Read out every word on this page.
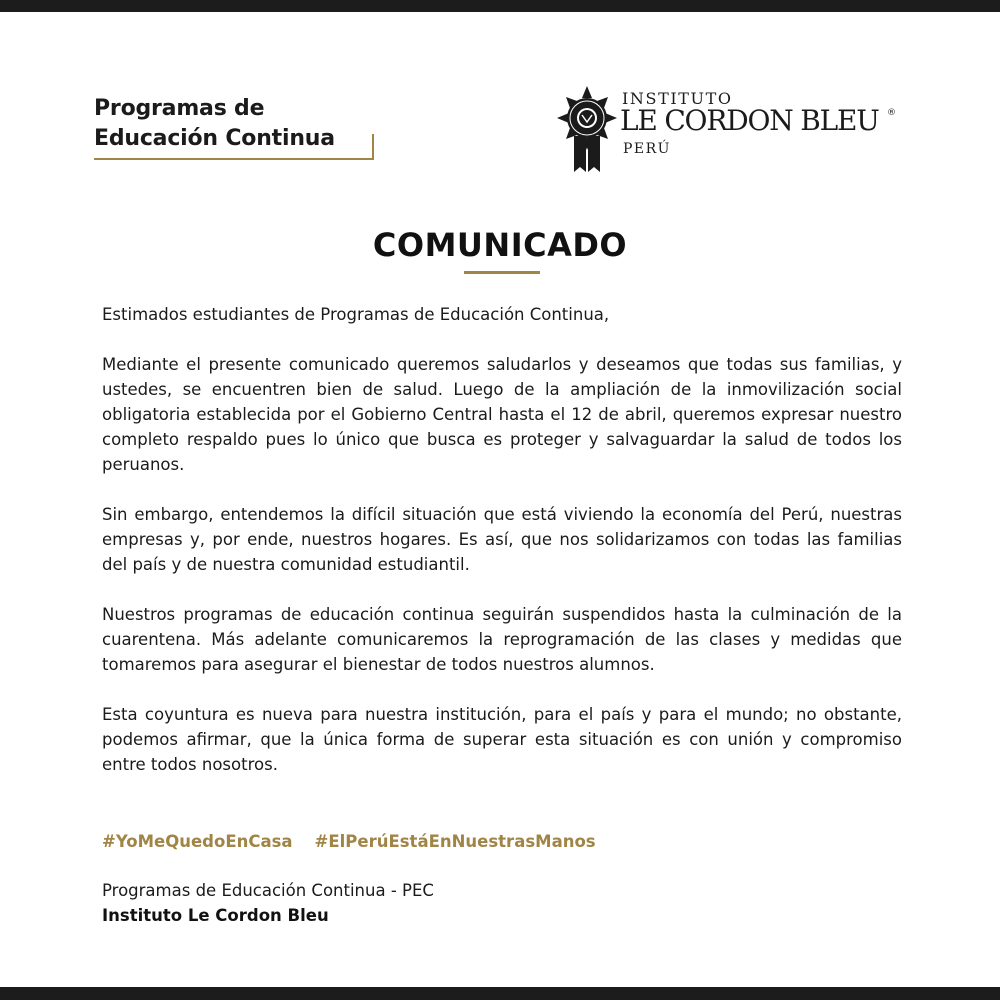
Programas de
Educación Continua
INSTITUTO
LE CORDON BLEU ®
PERÚ
COMUNICADO

Estimados estudiantes de Programas de Educación Continua,

Mediante el presente comunicado queremos saludarlos y deseamos que todas sus familias, y ustedes, se encuentren bien de salud. Luego de la ampliación de la inmovilización social obligatoria establecida por el Gobierno Central hasta el 12 de abril, queremos expresar nuestro completo respaldo pues lo único que busca es proteger y salvaguardar la salud de todos los peruanos.

Sin embargo, entendemos la difícil situación que está viviendo la economía del Perú, nuestras empresas y, por ende, nuestros hogares. Es así, que nos solidarizamos con todas las familias del país y de nuestra comunidad estudiantil.

Nuestros programas de educación continua seguirán suspendidos hasta la culminación de la cuarentena. Más adelante comunicaremos la reprogramación de las clases y medidas que tomaremos para asegurar el bienestar de todos nuestros alumnos.

Esta coyuntura es nueva para nuestra institución, para el país y para el mundo; no obstante, podemos afirmar, que la única forma de superar esta situación es con unión y compromiso entre todos nosotros.

#YoMeQuedoEnCasa #ElPerúEstáEnNuestrasManos
Programas de Educación Continua - PEC
Instituto Le Cordon Bleu
